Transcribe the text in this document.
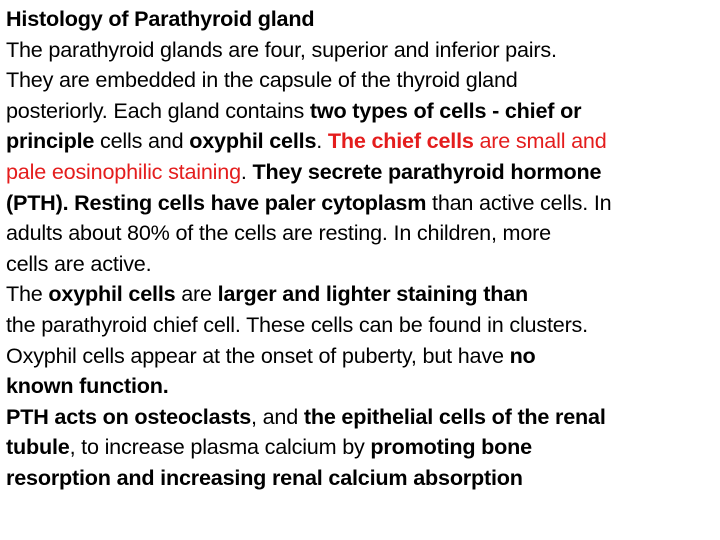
Histology of Parathyroid gland
The parathyroid glands are four, superior and inferior pairs.
They are embedded in the capsule of the thyroid gland
posteriorly. Each gland contains two types of cells - chief or
principle cells and oxyphil cells. The chief cells are small and
pale eosinophilic staining. They secrete parathyroid hormone
(PTH). Resting cells have paler cytoplasm than active cells. In
adults about 80% of the cells are resting. In children, more
cells are active.
The oxyphil cells are larger and lighter staining than
the parathyroid chief cell. These cells can be found in clusters.
Oxyphil cells appear at the onset of puberty, but have no
known function.
PTH acts on osteoclasts, and the epithelial cells of the renal
tubule, to increase plasma calcium by promoting bone
resorption and increasing renal calcium absorption
